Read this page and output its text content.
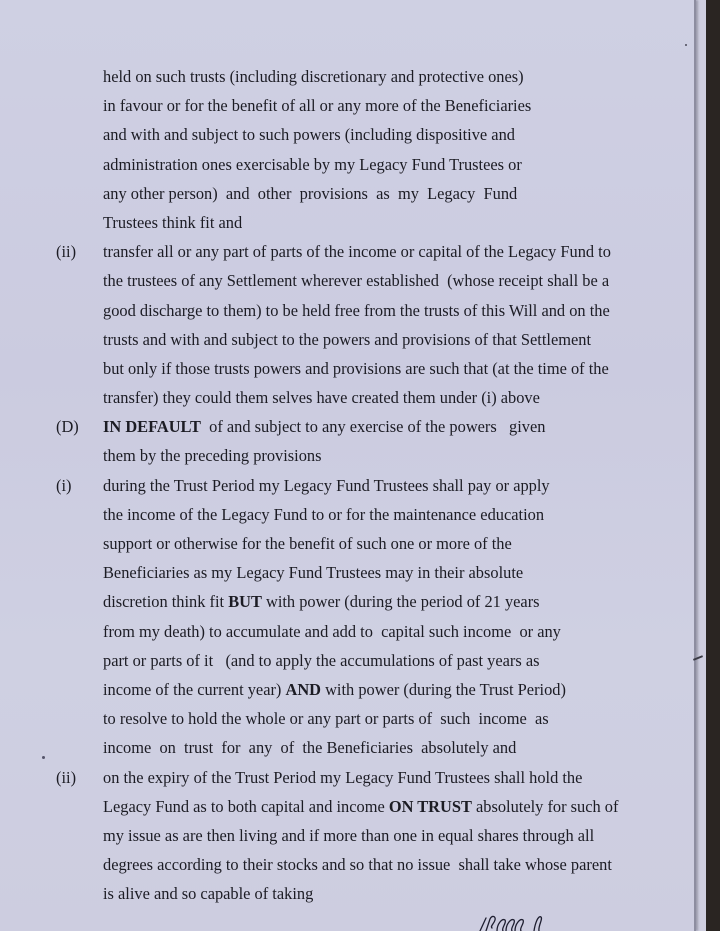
held on such trusts (including discretionary and protective ones)
in favour or for the benefit of all or any more of the Beneficiaries
and with and subject to such powers (including dispositive and
administration ones exercisable by my Legacy Fund Trustees or
any other person)  and  other  provisions  as  my  Legacy  Fund
Trustees think fit and
(ii) transfer all or any part of parts of the income or capital of the Legacy Fund to
the trustees of any Settlement wherever established  (whose receipt shall be a
good discharge to them) to be held free from the trusts of this Will and on the
trusts and with and subject to the powers and provisions of that Settlement
but only if those trusts powers and provisions are such that (at the time of the
transfer) they could them selves have created them under (i) above
(D) IN DEFAULT  of and subject to any exercise of the powers   given
them by the preceding provisions
(i) during the Trust Period my Legacy Fund Trustees shall pay or apply
the income of the Legacy Fund to or for the maintenance education
support or otherwise for the benefit of such one or more of the
Beneficiaries as my Legacy Fund Trustees may in their absolute
discretion think fit BUT with power (during the period of 21 years
from my death) to accumulate and add to  capital such income  or any
part or parts of it   (and to apply the accumulations of past years as
income of the current year) AND with power (during the Trust Period)
to resolve to hold the whole or any part or parts of  such  income  as
income  on  trust  for  any  of  the Beneficiaries  absolutely and
(ii) on the expiry of the Trust Period my Legacy Fund Trustees shall hold the
Legacy Fund as to both capital and income ON TRUST absolutely for such of
my issue as are then living and if more than one in equal shares through all
degrees according to their stocks and so that no issue  shall take whose parent
is alive and so capable of taking
